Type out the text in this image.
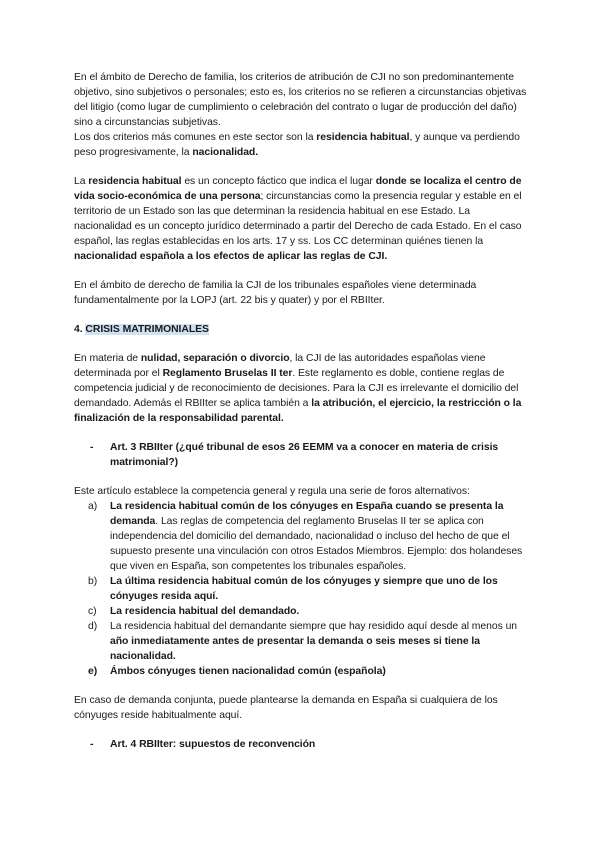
En el ámbito de Derecho de familia, los criterios de atribución de CJI no son predominantemente objetivo, sino subjetivos o personales; esto es, los criterios no se refieren a circunstancias objetivas del litigio (como lugar de cumplimiento o celebración del contrato o lugar de producción del daño) sino a circunstancias subjetivas.

Los dos criterios más comunes en este sector son la residencia habitual, y aunque va perdiendo peso progresivamente, la nacionalidad.

La residencia habitual es un concepto fáctico que indica el lugar donde se localiza el centro de vida socio-económica de una persona; circunstancias como la presencia regular y estable en el territorio de un Estado son las que determinan la residencia habitual en ese Estado. La nacionalidad es un concepto jurídico determinado a partir del Derecho de cada Estado. En el caso español, las reglas establecidas en los arts. 17 y ss. Los CC determinan quiénes tienen la nacionalidad española a los efectos de aplicar las reglas de CJI.

En el ámbito de derecho de familia la CJI de los tribunales españoles viene determinada fundamentalmente por la LOPJ (art. 22 bis y quater) y por el RBIIter.

4. CRISIS MATRIMONIALES

En materia de nulidad, separación o divorcio, la CJI de las autoridades españolas viene determinada por el Reglamento Bruselas II ter. Este reglamento es doble, contiene reglas de competencia judicial y de reconocimiento de decisiones. Para la CJI es irrelevante el domicilio del demandado. Además el RBIIter se aplica también a la atribución, el ejercicio, la restricción o la finalización de la responsabilidad parental.

-	Art. 3 RBIIter (¿qué tribunal de esos 26 EEMM va a conocer en materia de crisis matrimonial?)

Este artículo establece la competencia general y regula una serie de foros alternativos:

a)	La residencia habitual común de los cónyuges en España cuando se presenta la demanda. Las reglas de competencia del reglamento Bruselas II ter se aplica con independencia del domicilio del demandado, nacionalidad o incluso del hecho de que el supuesto presente una vinculación con otros Estados Miembros. Ejemplo: dos holandeses que viven en España, son competentes los tribunales españoles.
b)	La última residencia habitual común de los cónyuges y siempre que uno de los cónyuges resida aquí.
c)	La residencia habitual del demandado.
d)	La residencia habitual del demandante siempre que hay residido aquí desde al menos un año inmediatamente antes de presentar la demanda o seis meses si tiene la nacionalidad.
e)	Ámbos cónyuges tienen nacionalidad común (española)

En caso de demanda conjunta, puede plantearse la demanda en España si cualquiera de los cónyuges reside habitualmente aquí.

-	Art. 4 RBIIter: supuestos de reconvención
